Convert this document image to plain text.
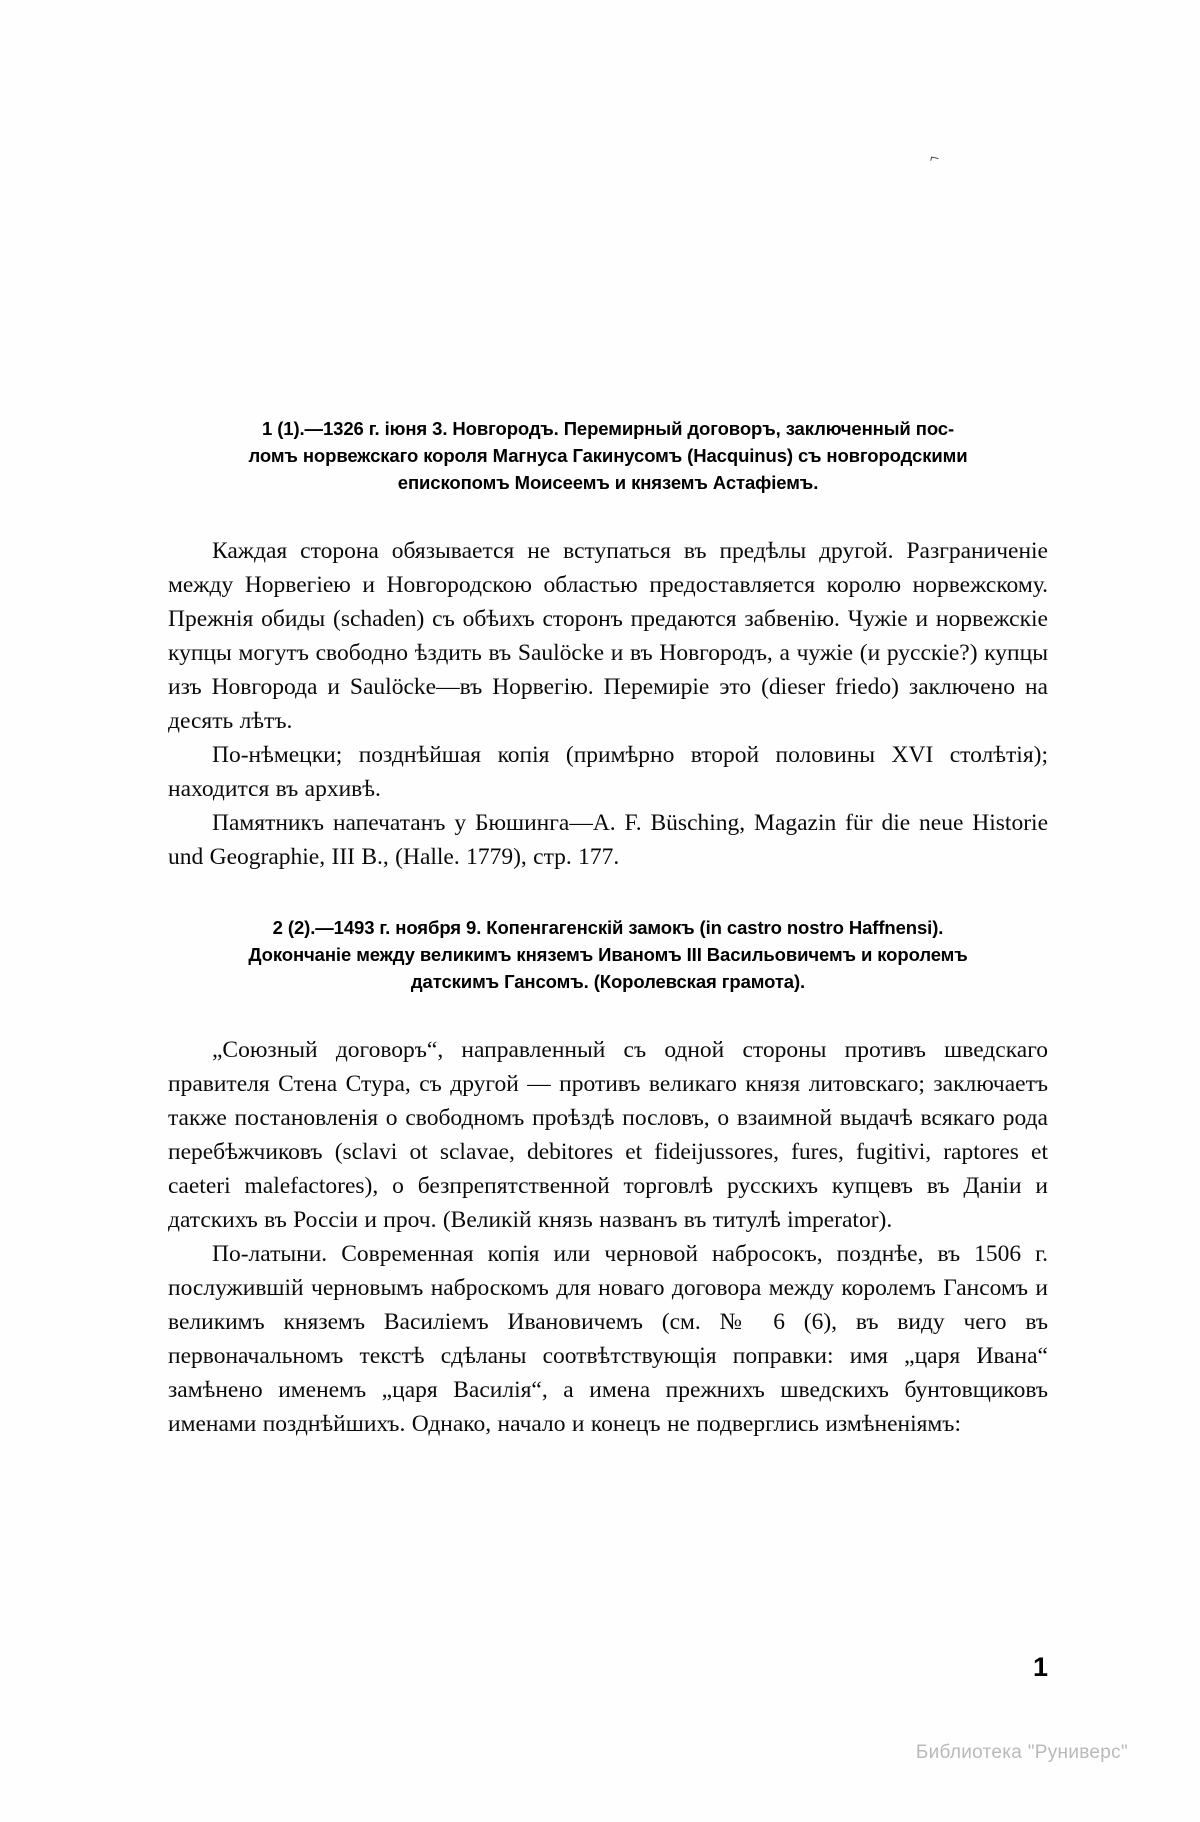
⌐
1 (1).—1326 г. іюня 3. Новгородъ. Перемирный договоръ, заключенный пос-
ломъ норвежскаго короля Магнуса Гакинусомъ (Hacquinus) съ новгородскими
епископомъ Моисеемъ и княземъ Астафіемъ.

Каждая сторона обязывается не вступаться въ предѣлы другой. Разграниченіе между Норвегіею и Новгородскою областью предоставляется королю норвежскому. Прежнія обиды (schaden) съ обѣихъ сторонъ предаются забвенію. Чужіе и норвежскіе купцы могутъ свободно ѣздить въ Saulöcke и въ Новгородъ, а чужіе (и русскіе?) купцы изъ Новгорода и Saulöcke—въ Норвегію. Перемиріе это (dieser friedo) заключено на десять лѣтъ.

По-нѣмецки; позднѣйшая копія (примѣрно второй половины XVI столѣтія); находится въ архивѣ.

Памятникъ напечатанъ у Бюшинга—A. F. Büsching, Magazin für die neue Historie und Geographie, III B., (Halle. 1779), стр. 177.

2 (2).—1493 г. ноября 9. Копенгагенскій замокъ (in castro nostro Haffnensi).
Докончаніе между великимъ княземъ Иваномъ III Васильовичемъ и королемъ
датскимъ Гансомъ. (Королевская грамота).

„Союзный договоръ“, направленный съ одной стороны противъ шведскаго правителя Стена Стура, съ другой — противъ великаго князя литовскаго; заключаетъ также постановленія о свободномъ проѣздѣ пословъ, о взаимной выдачѣ всякаго рода перебѣжчиковъ (sclavi ot sclavae, debitores et fideijussores, fures, fugitivi, raptores et caeteri malefactores), о безпрепятственной торговлѣ русскихъ купцевъ въ Даніи и датскихъ въ Россіи и проч. (Великій князь названъ въ титулѣ imperator).

По-латыни. Современная копія или черновой набросокъ, позднѣе, въ 1506 г. послужившій черновымъ наброскомъ для новаго договора между королемъ Гансомъ и великимъ княземъ Василіемъ Ивановичемъ (см. № 6 (6), въ виду чего въ первоначальномъ текстѣ сдѣланы соотвѣтствующія поправки: имя „царя Ивана“ замѣнено именемъ „царя Василія“, а имена прежнихъ шведскихъ бунтовщиковъ именами позднѣйшихъ. Однако, начало и конецъ не подверглись измѣненіямъ:

1
Библиотека "Руниверс"
